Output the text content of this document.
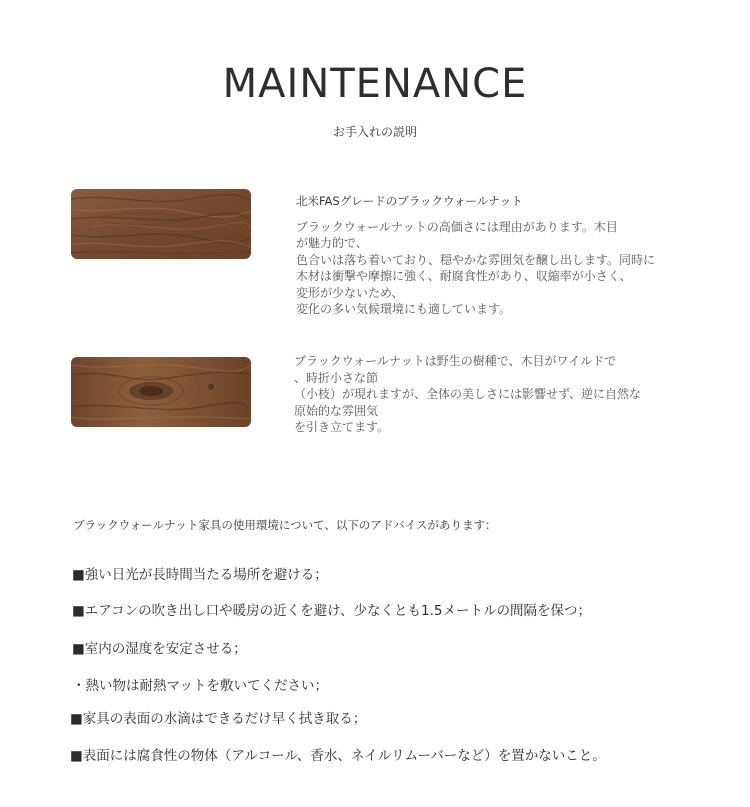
MAINTENANCE
お手入れの説明
北米FASグレードのブラックウォールナット
ブラックウォールナットの高価さには理由があります。木目
が魅力的で、
色合いは落ち着いており、穏やかな雰囲気を醸し出します。同時に
木材は衝撃や摩擦に強く、耐腐食性があり、収縮率が小さく、
変形が少ないため、
変化の多い気候環境にも適しています。
ブラックウォールナットは野生の樹種で、木目がワイルドで
、時折小さな節
（小枝）が現れますが、全体の美しさには影響せず、逆に自然な
原始的な雰囲気
を引き立てます。
ブラックウォールナット家具の使用環境について、以下のアドバイスがあります：
■強い日光が長時間当たる場所を避ける；
■エアコンの吹き出し口や暖房の近くを避け、少なくとも1.5メートルの間隔を保つ；
■室内の湿度を安定させる；
・熱い物は耐熱マットを敷いてください；
■家具の表面の水滴はできるだけ早く拭き取る；
■表面には腐食性の物体（アルコール、香水、ネイルリムーバーなど）を置かないこと。
